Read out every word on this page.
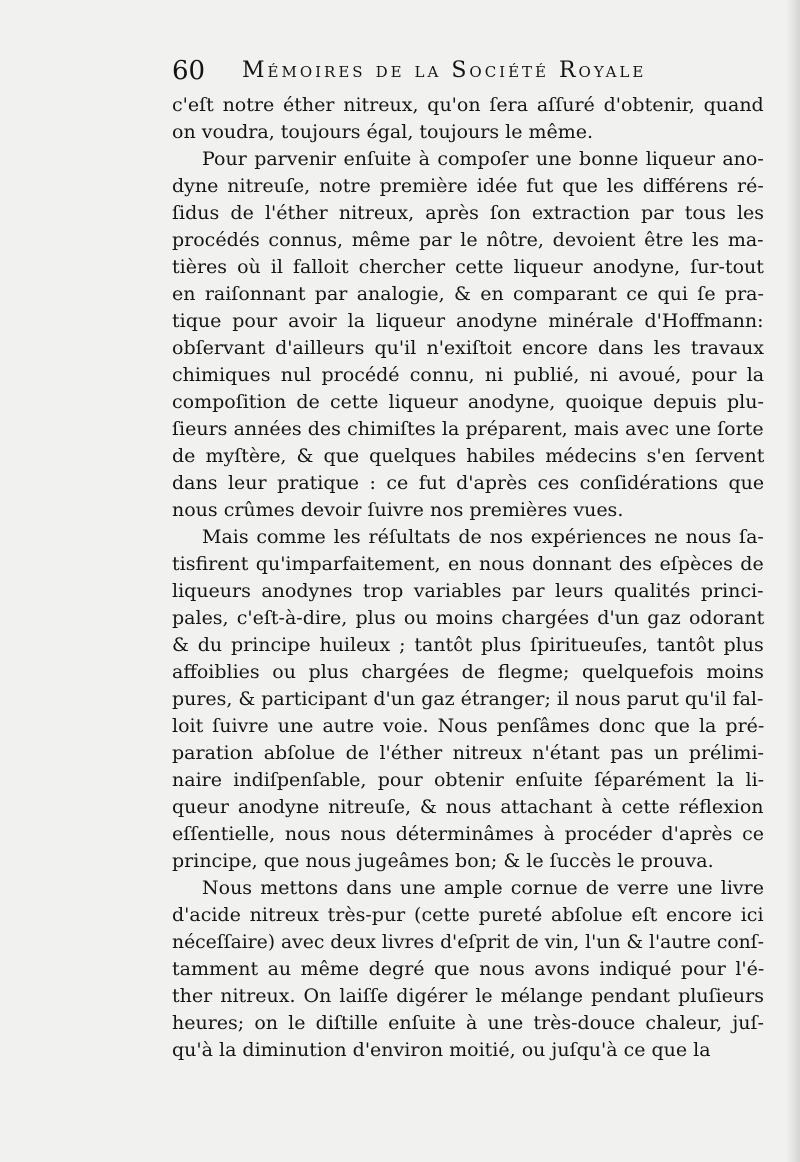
60 Mémoires de la Société Royale
c'eſt notre éther nitreux, qu'on ſera aſſuré d'obtenir, quand
on voudra, toujours égal, toujours le même.
Pour parvenir enſuite à compoſer une bonne liqueur ano-
dyne nitreuſe, notre première idée fut que les différens ré-
ſidus de l'éther nitreux, après ſon extraction par tous les
procédés connus, même par le nôtre, devoient être les ma-
tières où il falloit chercher cette liqueur anodyne, ſur-tout
en raiſonnant par analogie, & en comparant ce qui ſe pra-
tique pour avoir la liqueur anodyne minérale d'Hoffmann:
obſervant d'ailleurs qu'il n'exiſtoit encore dans les travaux
chimiques nul procédé connu, ni publié, ni avoué, pour la
compoſition de cette liqueur anodyne, quoique depuis plu-
ſieurs années des chimiſtes la préparent, mais avec une ſorte
de myſtère, & que quelques habiles médecins s'en ſervent
dans leur pratique : ce fut d'après ces conſidérations que
nous crûmes devoir ſuivre nos premières vues.
Mais comme les réſultats de nos expériences ne nous ſa-
tisfirent qu'imparfaitement, en nous donnant des eſpèces de
liqueurs anodynes trop variables par leurs qualités princi-
pales, c'eſt-à-dire, plus ou moins chargées d'un gaz odorant
& du principe huileux ; tantôt plus ſpiritueuſes, tantôt plus
affoiblies ou plus chargées de flegme; quelquefois moins
pures, & participant d'un gaz étranger; il nous parut qu'il fal-
loit ſuivre une autre voie. Nous penſâmes donc que la pré-
paration abſolue de l'éther nitreux n'étant pas un prélimi-
naire indiſpenſable, pour obtenir enſuite ſéparément la li-
queur anodyne nitreuſe, & nous attachant à cette réflexion
eſſentielle, nous nous déterminâmes à procéder d'après ce
principe, que nous jugeâmes bon; & le ſuccès le prouva.
Nous mettons dans une ample cornue de verre une livre
d'acide nitreux très-pur (cette pureté abſolue eſt encore ici
néceſſaire) avec deux livres d'eſprit de vin, l'un & l'autre conſ-
tamment au même degré que nous avons indiqué pour l'é-
ther nitreux. On laiſſe digérer le mélange pendant pluſieurs
heures; on le diſtille enſuite à une très-douce chaleur, juſ-
qu'à la diminution d'environ moitié, ou juſqu'à ce que la
